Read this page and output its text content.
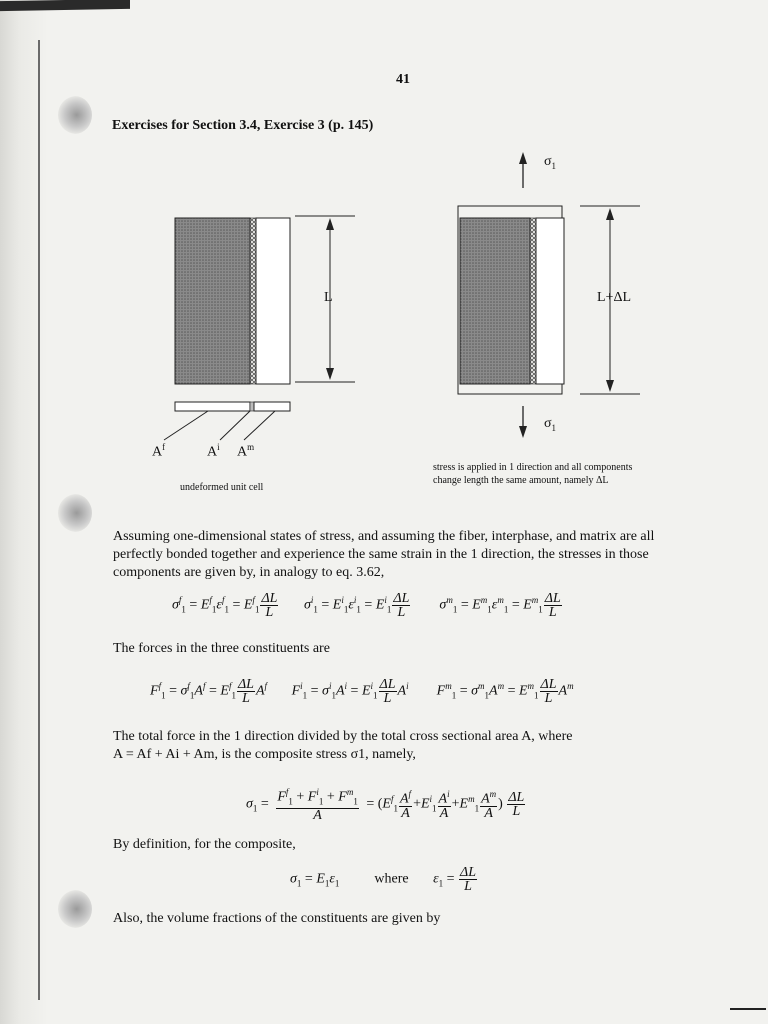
41
Exercises for Section 3.4, Exercise 3 (p. 145)
L	L+ΔL
$\sigma_1$
$\sigma_1$
$A^f$	$A^i$ $A^m$
undeformed unit cell
stress is applied in 1 direction and all components
change length the same amount, namely ΔL
Assuming one-dimensional states of stress, and assuming the fiber, interphase, and matrix are all
perfectly bonded together and experience the same strain in the 1 direction, the stresses in those
components are given by, in analogy to eq. 3.62,
$\sigma^f_1 = E^f_1\varepsilon^f_1 = E^f_1 \frac{\Delta L}{L} \sigma^i_1 = E^i_1\varepsilon^i_1 = E^i_1 \frac{\Delta L}{L} \sigma^m_1 = E^m_1\varepsilon^m_1 = E^m_1 \frac{\Delta L}{L}$
The forces in the three constituents are
$F^f_1 = \sigma^f_1A^f = E^f_1 \frac{\Delta L}{L} A^f$ $F^i_1 = \sigma^i_1A^i = E^i_1 \frac{\Delta L}{L} A^i$ $F^m_1 = \sigma^m_1A^m = E^m_1 \frac{\Delta L}{L} A^m$
The total force in the 1 direction divided by the total cross sectional area A, where
A = Af + Ai + Am, is the composite stress σ1, namely,
$\sigma_1 = \frac{F^f_1 + F^i_1 + F^m_1}{A} = (E^f_1 \frac{A^f}{A} +E^i_1 \frac{A^i}{A} +E^m_1 \frac{A^m}{A}$ ) $\frac{\Delta L}{L}$
By definition, for the composite,
$\sigma_1 = E_1\varepsilon_1$	where $\varepsilon_1 = \frac{\Delta L}{L}$
Also, the volume fractions of the constituents are given by
